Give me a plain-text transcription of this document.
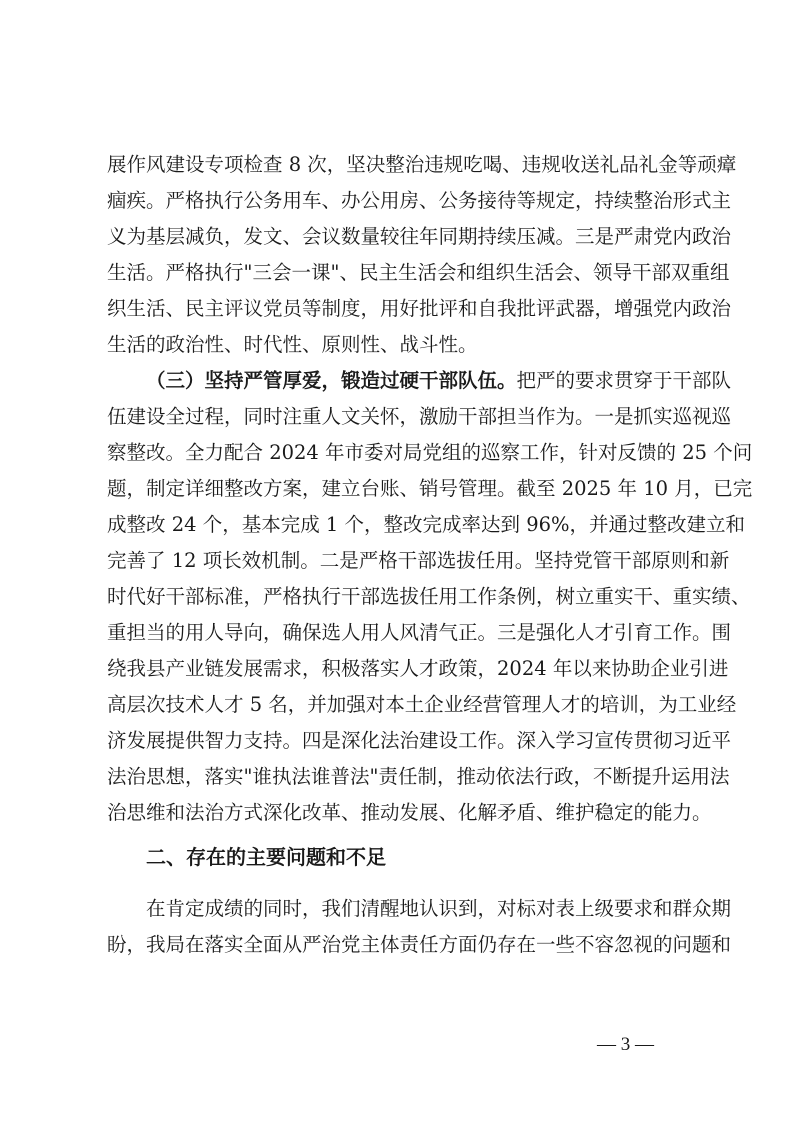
展作风建设专项检查 8 次，坚决整治违规吃喝、违规收送礼品礼金等顽瘴
痼疾。严格执行公务用车、办公用房、公务接待等规定，持续整治形式主
义为基层减负，发文、会议数量较往年同期持续压减。三是严肃党内政治
生活。严格执行"三会一课"、民主生活会和组织生活会、领导干部双重组
织生活、民主评议党员等制度，用好批评和自我批评武器，增强党内政治
生活的政治性、时代性、原则性、战斗性。
（三）坚持严管厚爱，锻造过硬干部队伍。把严的要求贯穿于干部队
伍建设全过程，同时注重人文关怀，激励干部担当作为。一是抓实巡视巡
察整改。全力配合 2024 年市委对局党组的巡察工作，针对反馈的 25 个问
题，制定详细整改方案，建立台账、销号管理。截至 2025 年 10 月，已完
成整改 24 个，基本完成 1 个，整改完成率达到 96%，并通过整改建立和
完善了 12 项长效机制。二是严格干部选拔任用。坚持党管干部原则和新
时代好干部标准，严格执行干部选拔任用工作条例，树立重实干、重实绩、
重担当的用人导向，确保选人用人风清气正。三是强化人才引育工作。围
绕我县产业链发展需求，积极落实人才政策，2024 年以来协助企业引进
高层次技术人才 5 名，并加强对本土企业经营管理人才的培训，为工业经
济发展提供智力支持。四是深化法治建设工作。深入学习宣传贯彻习近平
法治思想，落实"谁执法谁普法"责任制，推动依法行政，不断提升运用法
治思维和法治方式深化改革、推动发展、化解矛盾、维护稳定的能力。
二、存在的主要问题和不足
在肯定成绩的同时，我们清醒地认识到，对标对表上级要求和群众期
盼，我局在落实全面从严治党主体责任方面仍存在一些不容忽视的问题和
— 3 —
